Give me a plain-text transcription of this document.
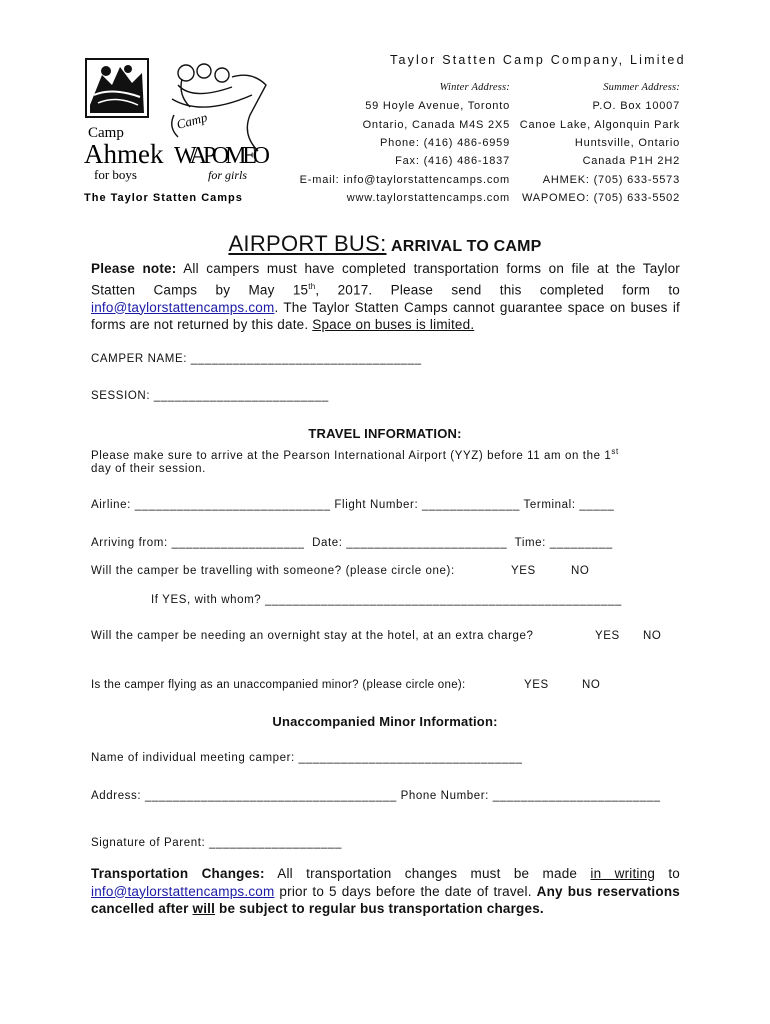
Taylor Statten Camp Company, Limited
Camp
Ahmek
for boys
Camp
WAPOMEO
for girls
The Taylor Statten Camps
Winter Address:
59 Hoyle Avenue, Toronto
Ontario, Canada M4S 2X5
Phone: (416) 486-6959
Fax: (416) 486-1837
E-mail: info@taylorstattencamps.com
www.taylorstattencamps.com
Summer Address:
P.O. Box 10007
Canoe Lake, Algonquin Park
Huntsville, Ontario
Canada P1H 2H2
AHMEK: (705) 633-5573
WAPOMEO: (705) 633-5502
AIRPORT BUS: ARRIVAL TO CAMP
Please note: All campers must have completed transportation forms on file at the Taylor Statten Camps by May 15th, 2017. Please send this completed form to info@taylorstattencamps.com. The Taylor Statten Camps cannot guarantee space on buses if forms are not returned by this date. Space on buses is limited.
CAMPER NAME: _________________________________
SESSION: _________________________
TRAVEL INFORMATION:
Please make sure to arrive at the Pearson International Airport (YYZ) before 11 am on the 1st
day of their session.
Airline: ____________________________ Flight Number: ______________ Terminal: _____
Arriving from: ___________________  Date: _______________________  Time: _________
Will the camper be travelling with someone? (please circle one):	YES	NO
If YES, with whom? ___________________________________________________
Will the camper be needing an overnight stay at the hotel, at an extra charge?	YES NO
Is the camper flying as an unaccompanied minor? (please circle one):	YES	NO
Unaccompanied Minor Information:
Name of individual meeting camper: ________________________________
Address: ____________________________________ Phone Number: ________________________
Signature of Parent: ___________________
Transportation Changes: All transportation changes must be made in writing to info@taylorstattencamps.com prior to 5 days before the date of travel. Any bus reservations cancelled after will be subject to regular bus transportation charges.
